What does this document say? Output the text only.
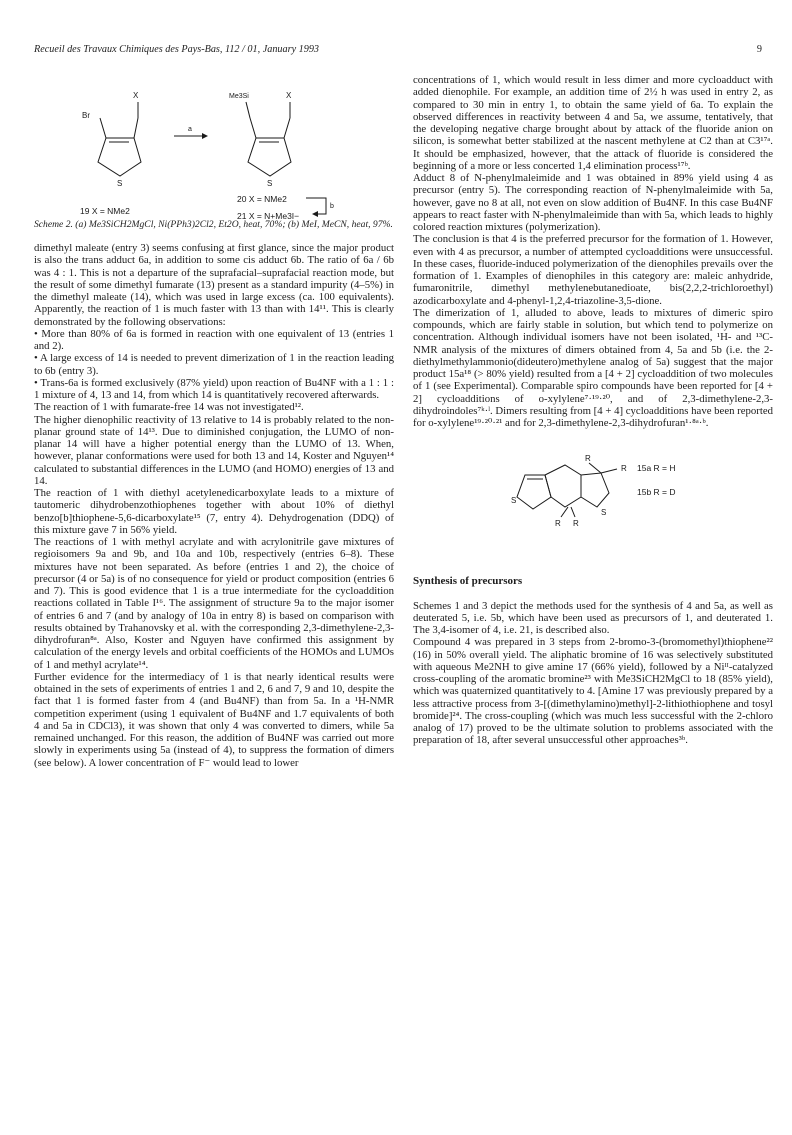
Recueil des Travaux Chimiques des Pays-Bas, 112 / 01, January 1993	9
X
Br
S
19 X = NMe2
a
Me3Si	X
S
20 X = NMe2
21 X = N+Me3I−
b

Scheme 2. (a) Me3SiCH2MgCl, Ni(PPh3)2Cl2, Et2O, heat, 70%; (b) MeI, MeCN, heat, 97%.

dimethyl maleate (entry 3) seems confusing at first glance, since the major product is also the trans adduct 6a, in addition to some cis adduct 6b. The ratio of 6a / 6b was 4 : 1. This is not a departure of the suprafacial–suprafacial reaction mode, but the result of some dimethyl fumarate (13) present as a standard impurity (4–5%) in the dimethyl maleate (14), which was used in large excess (ca. 100 equivalents). Apparently, the reaction of 1 is much faster with 13 than with 14¹¹. This is clearly demonstrated by the following observations:

• More than 80% of 6a is formed in reaction with one equivalent of 13 (entries 1 and 2).

• A large excess of 14 is needed to prevent dimerization of 1 in the reaction leading to 6b (entry 3).

• Trans-6a is formed exclusively (87% yield) upon reaction of Bu4NF with a 1 : 1 : 1 mixture of 4, 13 and 14, from which 14 is quantitatively recovered afterwards.

The reaction of 1 with fumarate-free 14 was not investigated¹².

The higher dienophilic reactivity of 13 relative to 14 is probably related to the non-planar ground state of 14¹³. Due to diminished conjugation, the LUMO of non-planar 14 will have a higher potential energy than the LUMO of 13. When, however, planar conformations were used for both 13 and 14, Koster and Nguyen¹⁴ calculated to substantial differences in the LUMO (and HOMO) energies of 13 and 14.

The reaction of 1 with diethyl acetylenedicarboxylate leads to a mixture of tautomeric dihydrobenzothiophenes together with about 10% of diethyl benzo[b]thiophene-5,6-dicarboxylate¹⁵ (7, entry 4). Dehydrogenation (DDQ) of this mixture gave 7 in 56% yield.

The reactions of 1 with methyl acrylate and with acrylonitrile gave mixtures of regioisomers 9a and 9b, and 10a and 10b, respectively (entries 6–8). These mixtures have not been separated. As before (entries 1 and 2), the choice of precursor (4 or 5a) is of no consequence for yield or product composition (entries 6 and 7). This is good evidence that 1 is a true intermediate for the cycloaddition reactions collated in Table I¹⁶. The assignment of structure 9a to the major isomer of entries 6 and 7 (and by analogy of 10a in entry 8) is based on comparison with results obtained by Trahanovsky et al. with the corresponding 2,3-dimethylene-2,3-dihydrofuran⁸ᵃ. Also, Koster and Nguyen have confirmed this assignment by calculation of the energy levels and orbital coefficients of the HOMOs and LUMOs of 1 and methyl acrylate¹⁴.

Further evidence for the intermediacy of 1 is that nearly identical results were obtained in the sets of experiments of entries 1 and 2, 6 and 7, 9 and 10, despite the fact that 1 is formed faster from 4 (and Bu4NF) than from 5a. In a ¹H-NMR competition experiment (using 1 equivalent of Bu4NF and 1.7 equivalents of both 4 and 5a in CDCl3), it was shown that only 4 was converted to dimers, while 5a remained unchanged. For this reason, the addition of Bu4NF was carried out more slowly in experiments using 5a (instead of 4), to suppress the formation of dimers (see below). A lower concentration of F⁻ would lead to lower

concentrations of 1, which would result in less dimer and more cycloadduct with added dienophile. For example, an addition time of 2½ h was used in entry 2, as compared to 30 min in entry 1, to obtain the same yield of 6a. To explain the observed differences in reactivity between 4 and 5a, we assume, tentatively, that the developing negative charge brought about by attack of the fluoride anion on silicon, is somewhat better stabilized at the nascent methylene at C2 than at C3¹⁷ᵃ. It should be emphasized, however, that the attack of fluoride is considered the beginning of a more or less concerted 1,4 elimination process¹⁷ᵇ.

Adduct 8 of N-phenylmaleimide and 1 was obtained in 89% yield using 4 as precursor (entry 5). The corresponding reaction of N-phenylmaleimide with 5a, however, gave no 8 at all, not even on slow addition of Bu4NF. In this case Bu4NF appears to react faster with N-phenylmaleimide than with 5a, which leads to highly colored reaction mixtures (polymerization).

The conclusion is that 4 is the preferred precursor for the formation of 1. However, even with 4 as precursor, a number of attempted cycloadditions were unsuccessful. In these cases, fluoride-induced polymerization of the dienophiles prevails over the formation of 1. Examples of dienophiles in this category are: maleic anhydride, fumaronitrile, dimethyl methylenebutanedioate, bis(2,2,2-trichloroethyl) azodicarboxylate and 4-phenyl-1,2,4-triazoline-3,5-dione.

The dimerization of 1, alluded to above, leads to mixtures of dimeric spiro compounds, which are fairly stable in solution, but which tend to polymerize on concentration. Although individual isomers have not been isolated, ¹H- and ¹³C-NMR analysis of the mixtures of dimers obtained from 4, 5a and 5b (i.e. the 2-diethylmethylammonio(dideutero)methylene analog of 5a) suggest that the major product 15a¹⁸ (> 80% yield) resulted from a [4 + 2] cycloaddition of two molecules of 1 (see Experimental). Comparable spiro compounds have been reported for [4 + 2] cycloadditions of o-xylylene⁷·¹⁹·²⁰, and of 2,3-dimethylene-2,3-dihydroindoles⁷ᵏ·ˡ. Dimers resulting from [4 + 4] cycloadditions have been reported for o-xylylene¹⁹·²⁰·²¹ and for 2,3-dimethylene-2,3-dihydrofuran¹·⁸ᵃ·ᵇ.

R
R
R R
S
S
15a R = H
15b R = D
Synthesis of precursors

Schemes 1 and 3 depict the methods used for the synthesis of 4 and 5a, as well as deuterated 5, i.e. 5b, which have been used as precursors of 1, and deuterated 1. The 3,4-isomer of 4, i.e. 21, is described also.

Compound 4 was prepared in 3 steps from 2-bromo-3-(bromomethyl)thiophene²² (16) in 50% overall yield. The aliphatic bromine of 16 was selectively substituted with aqueous Me2NH to give amine 17 (66% yield), followed by a Niᴵᴵ-catalyzed cross-coupling of the aromatic bromine²³ with Me3SiCH2MgCl to 18 (85% yield), which was quaternized quantitatively to 4. [Amine 17 was previously prepared by a less attractive process from 3-[(dimethylamino)methyl]-2-lithiothiophene and tosyl bromide]²⁴. The cross-coupling (which was much less successful with the 2-chloro analog of 17) proved to be the ultimate solution to problems associated with the preparation of 18, after several unsuccessful other approaches³ᵇ.
